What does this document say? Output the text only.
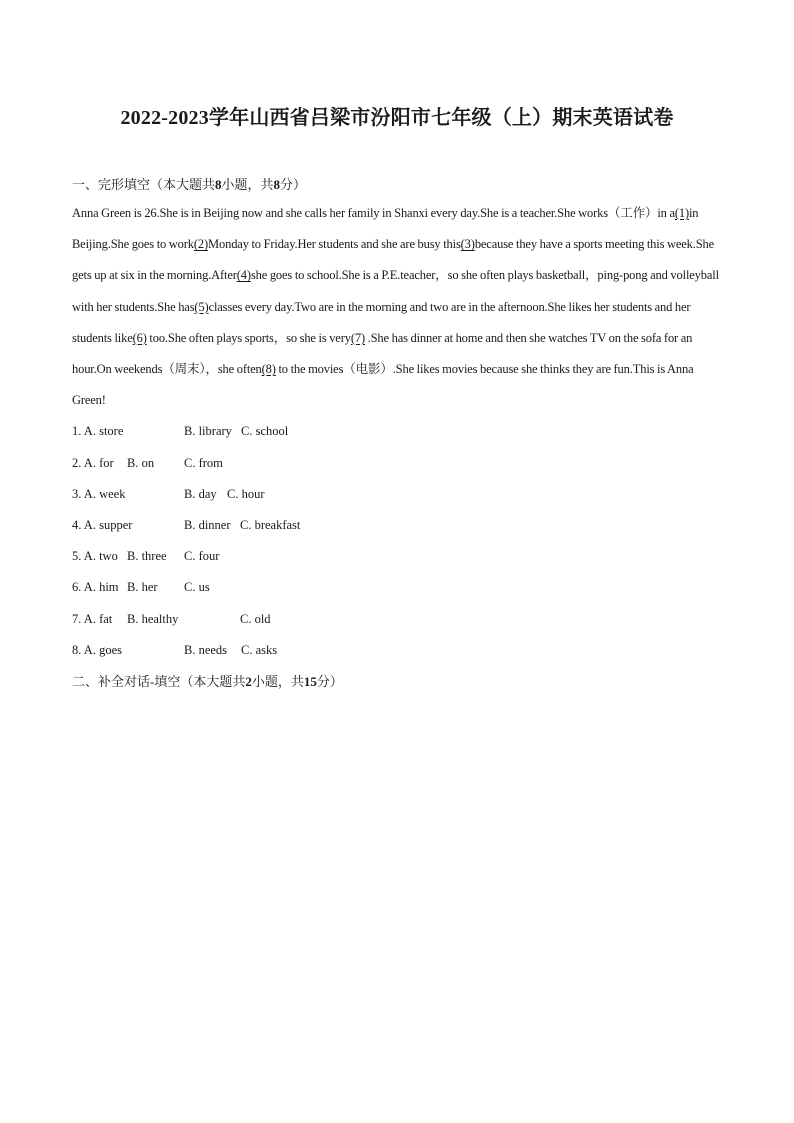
2022-2023学年山西省吕梁市汾阳市七年级（上）期末英语试卷
一、完形填空（本大题共8小题，共8分）
Anna Green is 26.She is in Beijing now and she calls her family in Shanxi every day.She is a teacher.She works（工作）in a(1)in Beijing.She goes to work(2)Monday to Friday.Her students and she are busy this(3)because they have a sports meeting this week.She gets up at six in the morning.After(4)she goes to school.She is a P.E.teacher，so she often plays basketball，ping-pong and volleyball with her students.She has(5)classes every day.Two are in the morning and two are in the afternoon.She likes her students and her students like(6) too.She often plays sports，so she is very(7) .She has dinner at home and then she watches TV on the sofa for an hour.On weekends（周末），she often(8) to the movies（电影）.She likes movies because she thinks they are fun.This is Anna Green!
1. A. store	B. library C. school
2. A. for B. on C. from
3. A. week	B. day C. hour
4. A. supper	B. dinner C. breakfast
5. A. two B. three C. four
6. A. him B. her C. us
7. A. fat B. healthy	C. old
8. A. goes	B. needs C. asks
二、补全对话-填空（本大题共2小题，共15分）
